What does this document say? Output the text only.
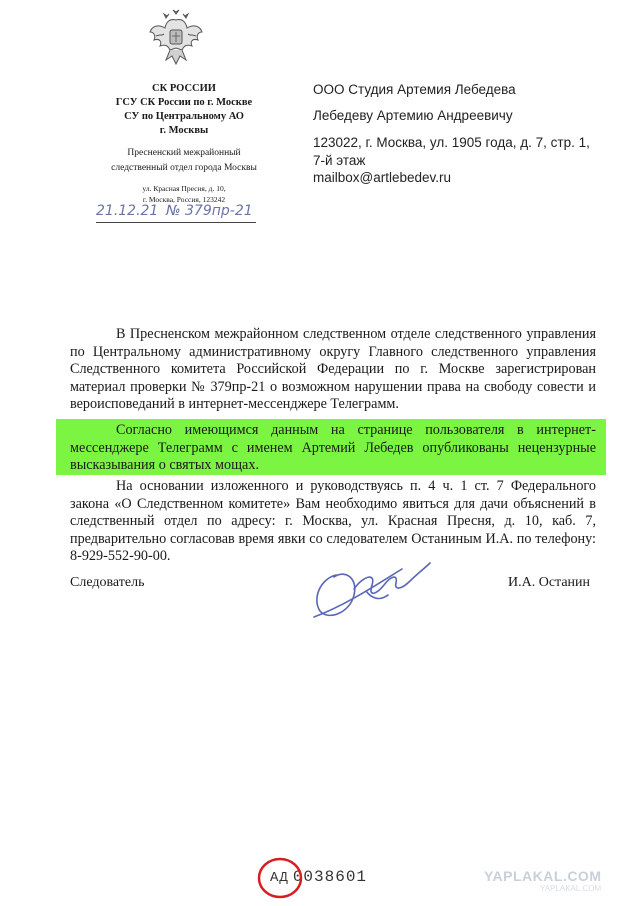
СК РОССИИ
ГСУ СК России по г. Москве
СУ по Центральному АО
г. Москвы
Пресненский межрайонный
следственный отдел города Москвы
ул. Красная Пресня, д. 10,
г. Москва, Россия, 123242
21.12.21 № 379пр-21
ООО Студия Артемия Лебедева
Лебедеву Артемию Андреевичу
123022, г. Москва, ул. 1905 года, д. 7, стр. 1, 7-й этаж
mailbox@artlebedev.ru
В Пресненском межрайонном следственном отделе следственного управления по Центральному административному округу Главного следственного управления Следственного комитета Российской Федерации по г. Москве зарегистрирован материал проверки № 379пр-21 о возможном нарушении права на свободу совести и вероисповеданий в интернет-мессенджере Телеграмм.
Согласно имеющимся данным на странице пользователя в интернет-мессенджере Телеграмм с именем Артемий Лебедев опубликованы нецензурные высказывания о святых мощах.
На основании изложенного и руководствуясь п. 4 ч. 1 ст. 7 Федерального закона «О Следственном комитете» Вам необходимо явиться для дачи объяснений в следственный отдел по адресу: г. Москва, ул. Красная Пресня, д. 10, каб. 7, предварительно согласовав время явки со следователем Останиным И.А. по телефону: 8-929-552-90-00.
Следователь	И.А. Останин
АД 0038601	YAPLAKAL.COM
YAPLAKAL.COM
